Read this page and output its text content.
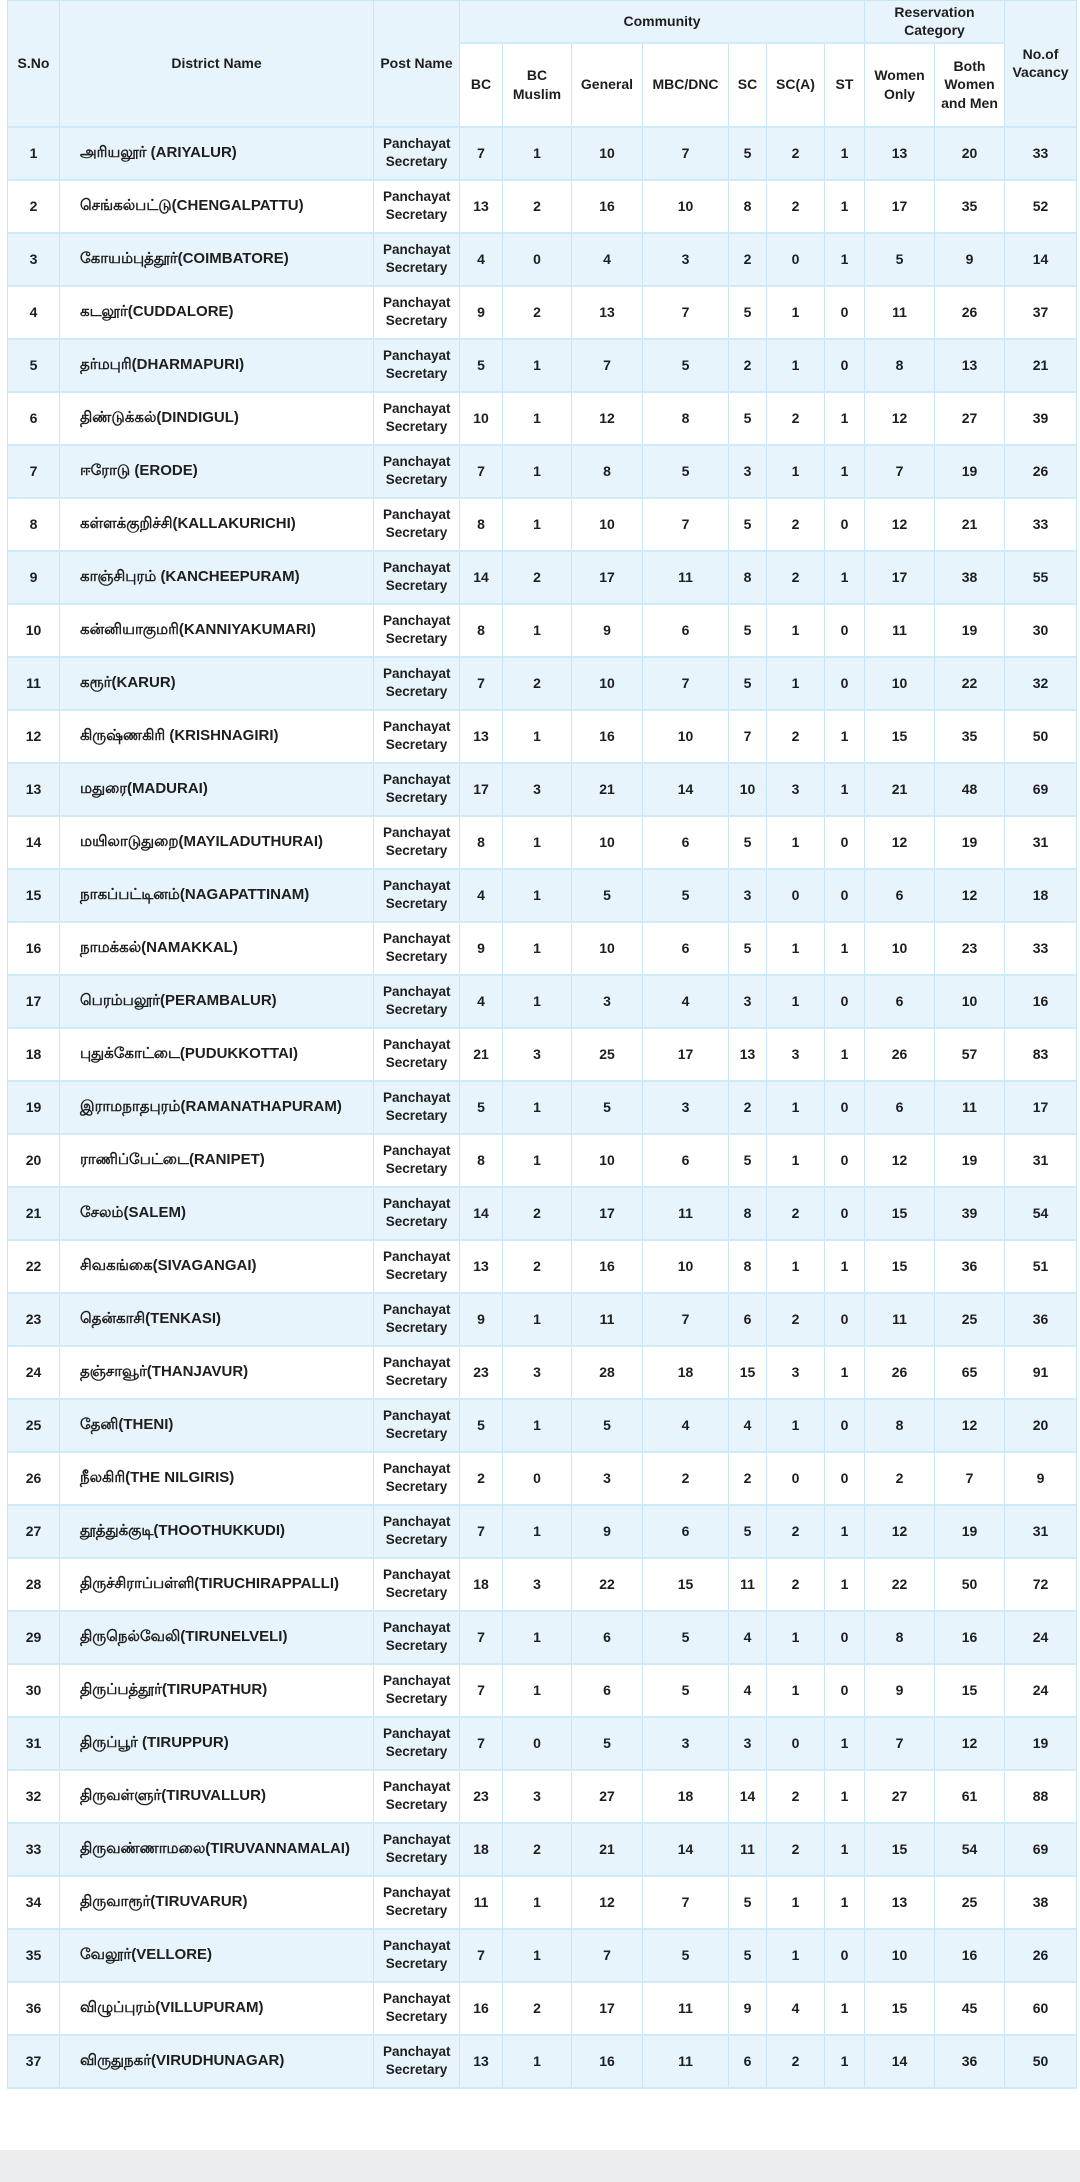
S.No	District Name	Post Name	Community							Reservation Category		No.of Vacancy
			BC	BC Muslim	General	MBC/DNC	SC	SC(A)	ST	Women Only	Both Women and Men	
1	அரியலூர் (ARIYALUR)	Panchayat Secretary	7	1	10	7	5	2	1	13	20	33
2	செங்கல்பட்டு(CHENGALPATTU)	Panchayat Secretary	13	2	16	10	8	2	1	17	35	52
3	கோயம்புத்தூர்(COIMBATORE)	Panchayat Secretary	4	0	4	3	2	0	1	5	9	14
4	கடலூர்(CUDDALORE)	Panchayat Secretary	9	2	13	7	5	1	0	11	26	37
5	தர்மபுரி(DHARMAPURI)	Panchayat Secretary	5	1	7	5	2	1	0	8	13	21
6	திண்டுக்கல்(DINDIGUL)	Panchayat Secretary	10	1	12	8	5	2	1	12	27	39
7	ஈரோடு (ERODE)	Panchayat Secretary	7	1	8	5	3	1	1	7	19	26
8	கள்ளக்குறிச்சி(KALLAKURICHI)	Panchayat Secretary	8	1	10	7	5	2	0	12	21	33
9	காஞ்சிபுரம் (KANCHEEPURAM)	Panchayat Secretary	14	2	17	11	8	2	1	17	38	55
10	கன்னியாகுமரி(KANNIYAKUMARI)	Panchayat Secretary	8	1	9	6	5	1	0	11	19	30
11	கரூர்(KARUR)	Panchayat Secretary	7	2	10	7	5	1	0	10	22	32
12	கிருஷ்ணகிரி (KRISHNAGIRI)	Panchayat Secretary	13	1	16	10	7	2	1	15	35	50
13	மதுரை(MADURAI)	Panchayat Secretary	17	3	21	14	10	3	1	21	48	69
14	மயிலாடுதுறை(MAYILADUTHURAI)	Panchayat Secretary	8	1	10	6	5	1	0	12	19	31
15	நாகப்பட்டினம்(NAGAPATTINAM)	Panchayat Secretary	4	1	5	5	3	0	0	6	12	18
16	நாமக்கல்(NAMAKKAL)	Panchayat Secretary	9	1	10	6	5	1	1	10	23	33
17	பெரம்பலூர்(PERAMBALUR)	Panchayat Secretary	4	1	3	4	3	1	0	6	10	16
18	புதுக்கோட்டை(PUDUKKOTTAI)	Panchayat Secretary	21	3	25	17	13	3	1	26	57	83
19	இராமநாதபுரம்(RAMANATHAPURAM)	Panchayat Secretary	5	1	5	3	2	1	0	6	11	17
20	ராணிப்பேட்டை(RANIPET)	Panchayat Secretary	8	1	10	6	5	1	0	12	19	31
21	சேலம்(SALEM)	Panchayat Secretary	14	2	17	11	8	2	0	15	39	54
22	சிவகங்கை(SIVAGANGAI)	Panchayat Secretary	13	2	16	10	8	1	1	15	36	51
23	தென்காசி(TENKASI)	Panchayat Secretary	9	1	11	7	6	2	0	11	25	36
24	தஞ்சாவூர்(THANJAVUR)	Panchayat Secretary	23	3	28	18	15	3	1	26	65	91
25	தேனி(THENI)	Panchayat Secretary	5	1	5	4	4	1	0	8	12	20
26	நீலகிரி(THE NILGIRIS)	Panchayat Secretary	2	0	3	2	2	0	0	2	7	9
27	தூத்துக்குடி(THOOTHUKKUDI)	Panchayat Secretary	7	1	9	6	5	2	1	12	19	31
28	திருச்சிராப்பள்ளி(TIRUCHIRAPPALLI)	Panchayat Secretary	18	3	22	15	11	2	1	22	50	72
29	திருநெல்வேலி(TIRUNELVELI)	Panchayat Secretary	7	1	6	5	4	1	0	8	16	24
30	திருப்பத்தூர்(TIRUPATHUR)	Panchayat Secretary	7	1	6	5	4	1	0	9	15	24
31	திருப்பூர் (TIRUPPUR)	Panchayat Secretary	7	0	5	3	3	0	1	7	12	19
32	திருவள்ளுர்(TIRUVALLUR)	Panchayat Secretary	23	3	27	18	14	2	1	27	61	88
33	திருவண்ணாமலை(TIRUVANNAMALAI)	Panchayat Secretary	18	2	21	14	11	2	1	15	54	69
34	திருவாரூர்(TIRUVARUR)	Panchayat Secretary	11	1	12	7	5	1	1	13	25	38
35	வேலூர்(VELLORE)	Panchayat Secretary	7	1	7	5	5	1	0	10	16	26
36	விழுப்புரம்(VILLUPURAM)	Panchayat Secretary	16	2	17	11	9	4	1	15	45	60
37	விருதுநகர்(VIRUDHUNAGAR)	Panchayat Secretary	13	1	16	11	6	2	1	14	36	50
